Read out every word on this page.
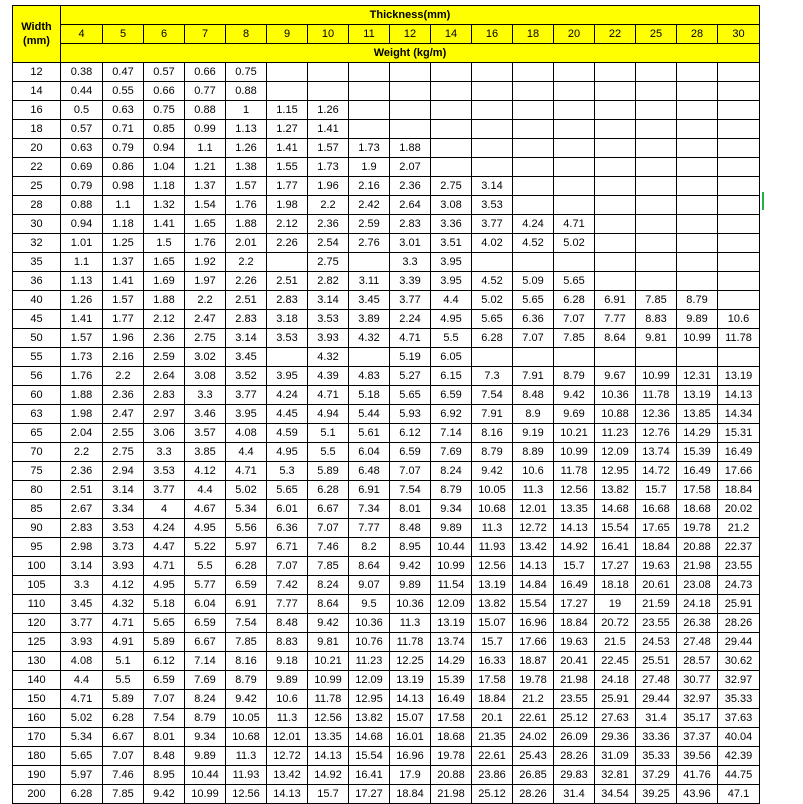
Width
(mm)	Thickness(mm)																
	4	5	6	7	8	9	10	11	12	14	16	18	20	22	25	28	30
	Weight (kg/m)																
12	0.38	0.47	0.57	0.66	0.75												
14	0.44	0.55	0.66	0.77	0.88												
16	0.5	0.63	0.75	0.88	1	1.15	1.26										
18	0.57	0.71	0.85	0.99	1.13	1.27	1.41										
20	0.63	0.79	0.94	1.1	1.26	1.41	1.57	1.73	1.88								
22	0.69	0.86	1.04	1.21	1.38	1.55	1.73	1.9	2.07								
25	0.79	0.98	1.18	1.37	1.57	1.77	1.96	2.16	2.36	2.75	3.14						
28	0.88	1.1	1.32	1.54	1.76	1.98	2.2	2.42	2.64	3.08	3.53						
30	0.94	1.18	1.41	1.65	1.88	2.12	2.36	2.59	2.83	3.36	3.77	4.24	4.71				
32	1.01	1.25	1.5	1.76	2.01	2.26	2.54	2.76	3.01	3.51	4.02	4.52	5.02				
35	1.1	1.37	1.65	1.92	2.2		2.75		3.3	3.95							
36	1.13	1.41	1.69	1.97	2.26	2.51	2.82	3.11	3.39	3.95	4.52	5.09	5.65				
40	1.26	1.57	1.88	2.2	2.51	2.83	3.14	3.45	3.77	4.4	5.02	5.65	6.28	6.91	7.85	8.79	
45	1.41	1.77	2.12	2.47	2.83	3.18	3.53	3.89	2.24	4.95	5.65	6.36	7.07	7.77	8.83	9.89	10.6
50	1.57	1.96	2.36	2.75	3.14	3.53	3.93	4.32	4.71	5.5	6.28	7.07	7.85	8.64	9.81	10.99	11.78
55	1.73	2.16	2.59	3.02	3.45		4.32		5.19	6.05							
56	1.76	2.2	2.64	3.08	3.52	3.95	4.39	4.83	5.27	6.15	7.3	7.91	8.79	9.67	10.99	12.31	13.19
60	1.88	2.36	2.83	3.3	3.77	4.24	4.71	5.18	5.65	6.59	7.54	8.48	9.42	10.36	11.78	13.19	14.13
63	1.98	2.47	2.97	3.46	3.95	4.45	4.94	5.44	5.93	6.92	7.91	8.9	9.69	10.88	12.36	13.85	14.34
65	2.04	2.55	3.06	3.57	4.08	4.59	5.1	5.61	6.12	7.14	8.16	9.19	10.21	11.23	12.76	14.29	15.31
70	2.2	2.75	3.3	3.85	4.4	4.95	5.5	6.04	6.59	7.69	8.79	8.89	10.99	12.09	13.74	15.39	16.49
75	2.36	2.94	3.53	4.12	4.71	5.3	5.89	6.48	7.07	8.24	9.42	10.6	11.78	12.95	14.72	16.49	17.66
80	2.51	3.14	3.77	4.4	5.02	5.65	6.28	6.91	7.54	8.79	10.05	11.3	12.56	13.82	15.7	17.58	18.84
85	2.67	3.34	4	4.67	5.34	6.01	6.67	7.34	8.01	9.34	10.68	12.01	13.35	14.68	16.68	18.68	20.02
90	2.83	3.53	4.24	4.95	5.56	6.36	7.07	7.77	8.48	9.89	11.3	12.72	14.13	15.54	17.65	19.78	21.2
95	2.98	3.73	4.47	5.22	5.97	6.71	7.46	8.2	8.95	10.44	11.93	13.42	14.92	16.41	18.84	20.88	22.37
100	3.14	3.93	4.71	5.5	6.28	7.07	7.85	8.64	9.42	10.99	12.56	14.13	15.7	17.27	19.63	21.98	23.55
105	3.3	4.12	4.95	5.77	6.59	7.42	8.24	9.07	9.89	11.54	13.19	14.84	16.49	18.18	20.61	23.08	24.73
110	3.45	4.32	5.18	6.04	6.91	7.77	8.64	9.5	10.36	12.09	13.82	15.54	17.27	19	21.59	24.18	25.91
120	3.77	4.71	5.65	6.59	7.54	8.48	9.42	10.36	11.3	13.19	15.07	16.96	18.84	20.72	23.55	26.38	28.26
125	3.93	4.91	5.89	6.67	7.85	8.83	9.81	10.76	11.78	13.74	15.7	17.66	19.63	21.5	24.53	27.48	29.44
130	4.08	5.1	6.12	7.14	8.16	9.18	10.21	11.23	12.25	14.29	16.33	18.87	20.41	22.45	25.51	28.57	30.62
140	4.4	5.5	6.59	7.69	8.79	9.89	10.99	12.09	13.19	15.39	17.58	19.78	21.98	24.18	27.48	30.77	32.97
150	4.71	5.89	7.07	8.24	9.42	10.6	11.78	12.95	14.13	16.49	18.84	21.2	23.55	25.91	29.44	32.97	35.33
160	5.02	6.28	7.54	8.79	10.05	11.3	12.56	13.82	15.07	17.58	20.1	22.61	25.12	27.63	31.4	35.17	37.63
170	5.34	6.67	8.01	9.34	10.68	12.01	13.35	14.68	16.01	18.68	21.35	24.02	26.09	29.36	33.36	37.37	40.04
180	5.65	7.07	8.48	9.89	11.3	12.72	14.13	15.54	16.96	19.78	22.61	25.43	28.26	31.09	35.33	39.56	42.39
190	5.97	7.46	8.95	10.44	11.93	13.42	14.92	16.41	17.9	20.88	23.86	26.85	29.83	32.81	37.29	41.76	44.75
200	6.28	7.85	9.42	10.99	12.56	14.13	15.7	17.27	18.84	21.98	25.12	28.26	31.4	34.54	39.25	43.96	47.1
